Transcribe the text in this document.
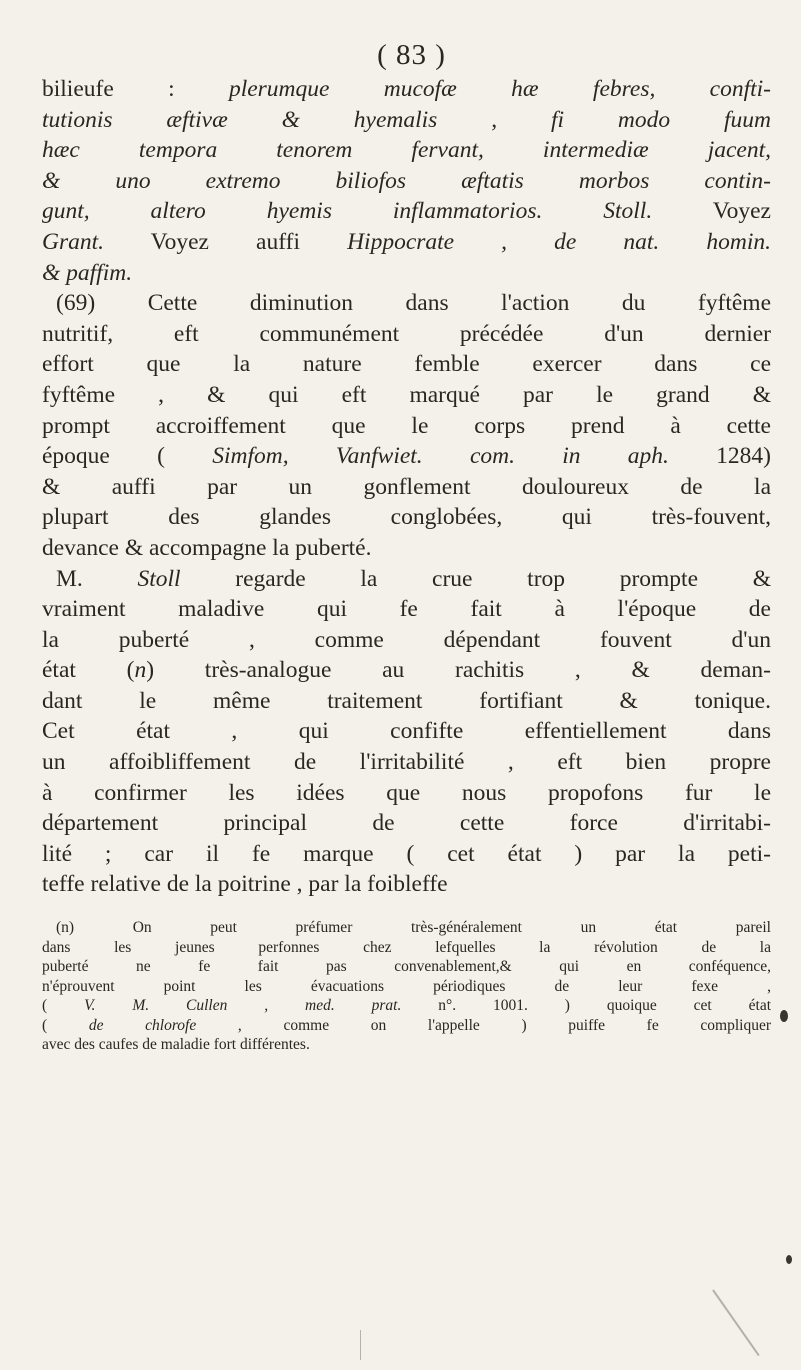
( 83 )
bilieufe : plerumque mucofæ hæ febres, confti-
tutionis æftivæ & hyemalis , fi modo fuum
hæc tempora tenorem fervant, intermediæ jacent,
& uno extremo biliofos æftatis morbos contin-
gunt, altero hyemis inflammatorios. Stoll. Voyez
Grant. Voyez auffi Hippocrate , de nat. homin.
& paffim.
(69) Cette diminution dans l'action du fyftême
nutritif, eft communément précédée d'un dernier
effort que la nature femble exercer dans ce
fyftême , & qui eft marqué par le grand &
prompt accroiffement que le corps prend à cette
époque ( Simfom, Vanfwiet. com. in aph. 1284)
& auffi par un gonflement douloureux de la
plupart des glandes conglobées, qui très-fouvent,
devance & accompagne la puberté.
M. Stoll regarde la crue trop prompte &
vraiment maladive qui fe fait à l'époque de
la puberté , comme dépendant fouvent d'un
état (n) très-analogue au rachitis , & deman-
dant le même traitement fortifiant & tonique.
Cet état , qui confifte effentiellement dans
un affoibliffement de l'irritabilité , eft bien propre
à confirmer les idées que nous propofons fur le
département principal de cette force d'irritabi-
lité ; car il fe marque ( cet état ) par la peti-
teffe relative de la poitrine , par la foibleffe
(n) On peut préfumer très-généralement un état pareil
dans les jeunes perfonnes chez lefquelles la révolution de la
puberté ne fe fait pas convenablement,& qui en conféquence,
n'éprouvent point les évacuations périodiques de leur fexe ,
( V. M. Cullen , med. prat. n°. 1001. ) quoique cet état
( de chlorofe , comme on l'appelle ) puiffe fe compliquer
avec des caufes de maladie fort différentes.
